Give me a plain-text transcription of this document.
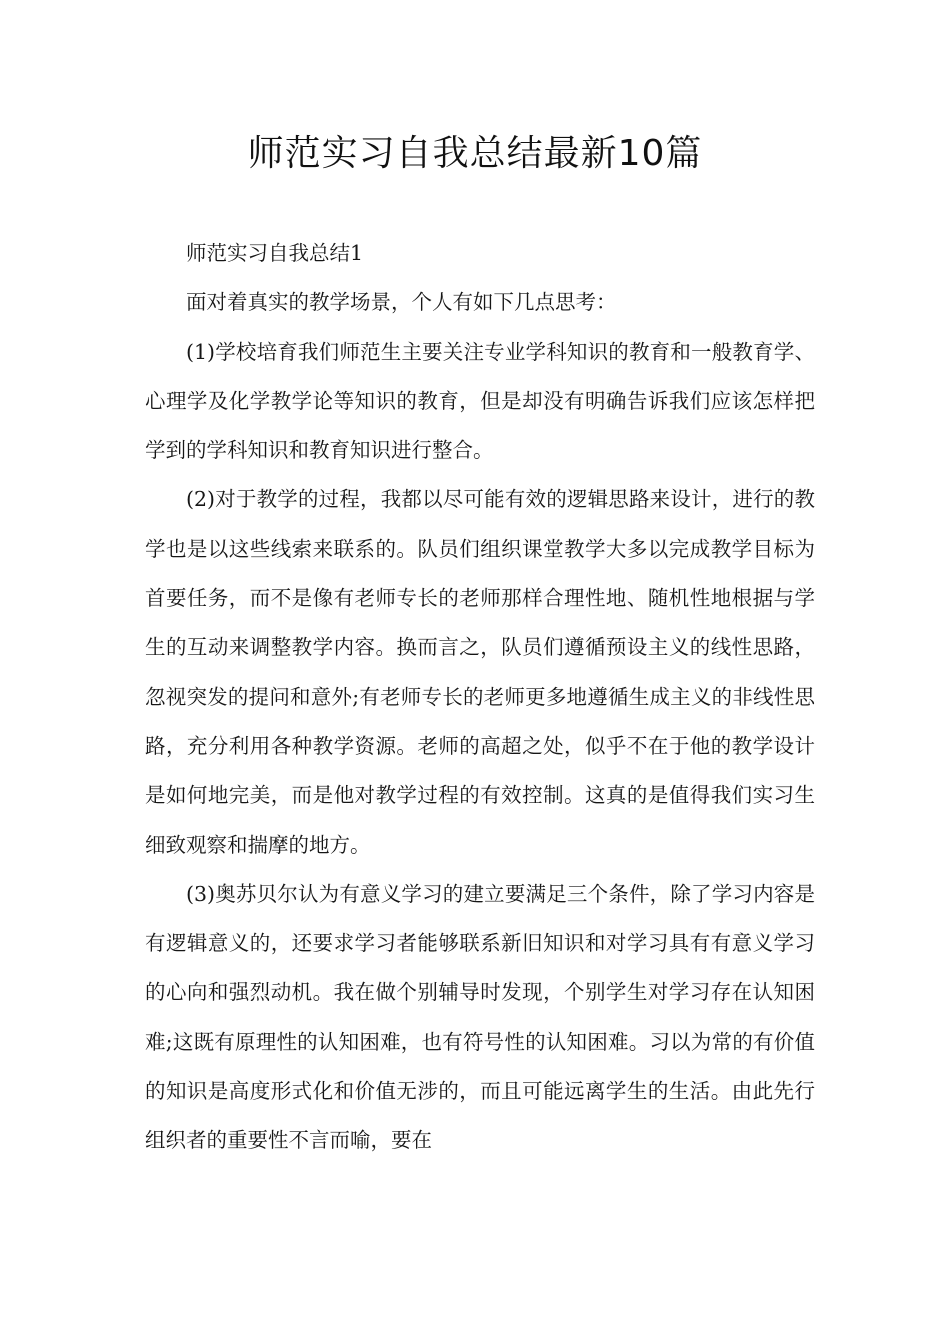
师范实习自我总结最新10篇

师范实习自我总结1

面对着真实的教学场景，个人有如下几点思考：

(1)学校培育我们师范生主要关注专业学科知识的教育和一般教育学、心理学及化学教学论等知识的教育，但是却没有明确告诉我们应该怎样把学到的学科知识和教育知识进行整合。

(2)对于教学的过程，我都以尽可能有效的逻辑思路来设计，进行的教学也是以这些线索来联系的。队员们组织课堂教学大多以完成教学目标为首要任务，而不是像有老师专长的老师那样合理性地、随机性地根据与学生的互动来调整教学内容。换而言之，队员们遵循预设主义的线性思路，忽视突发的提问和意外;有老师专长的老师更多地遵循生成主义的非线性思路，充分利用各种教学资源。老师的高超之处，似乎不在于他的教学设计是如何地完美，而是他对教学过程的有效控制。这真的是值得我们实习生细致观察和揣摩的地方。

(3)奥苏贝尔认为有意义学习的建立要满足三个条件，除了学习内容是有逻辑意义的，还要求学习者能够联系新旧知识和对学习具有有意义学习的心向和强烈动机。我在做个别辅导时发现，个别学生对学习存在认知困难;这既有原理性的认知困难，也有符号性的认知困难。习以为常的有价值的知识是高度形式化和价值无涉的，而且可能远离学生的生活。由此先行组织者的重要性不言而喻，要在
